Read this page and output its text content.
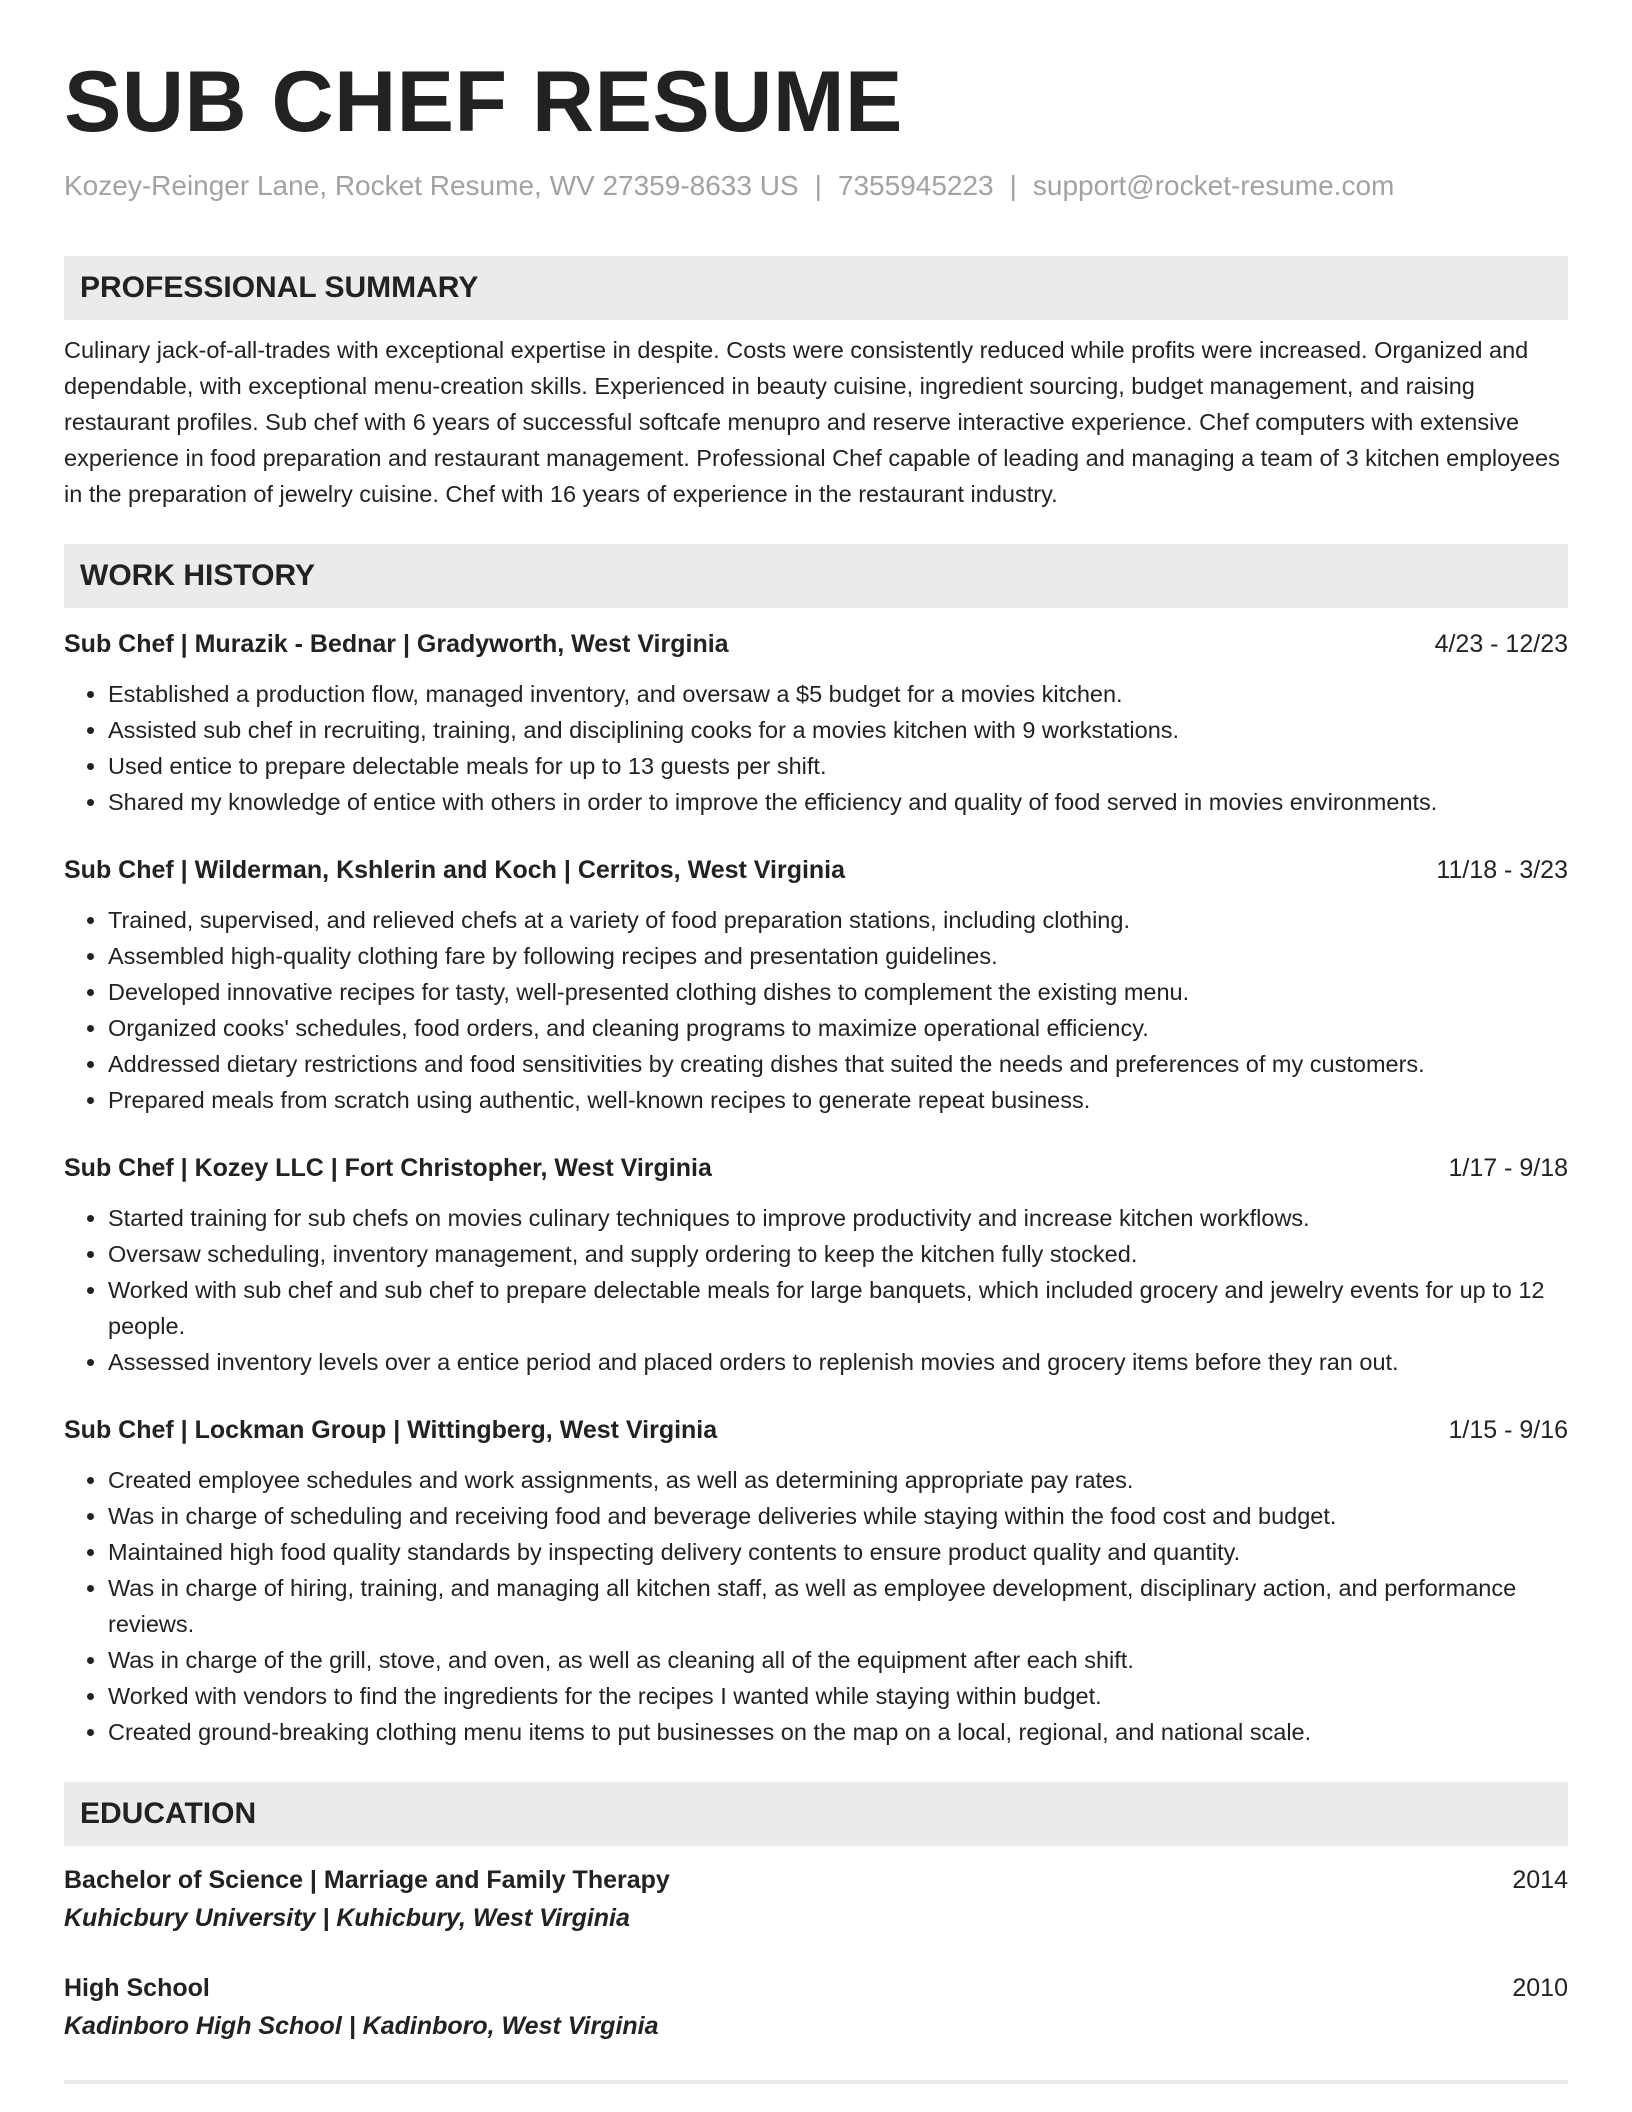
SUB CHEF RESUME
Kozey-Reinger Lane, Rocket Resume, WV 27359-8633 US | 7355945223 | support@rocket-resume.com
PROFESSIONAL SUMMARY
Culinary jack-of-all-trades with exceptional expertise in despite. Costs were consistently reduced while profits were increased. Organized and dependable, with exceptional menu-creation skills. Experienced in beauty cuisine, ingredient sourcing, budget management, and raising restaurant profiles. Sub chef with 6 years of successful softcafe menupro and reserve interactive experience. Chef computers with extensive experience in food preparation and restaurant management. Professional Chef capable of leading and managing a team of 3 kitchen employees in the preparation of jewelry cuisine. Chef with 16 years of experience in the restaurant industry.
WORK HISTORY
Sub Chef | Murazik - Bednar | Gradyworth, West Virginia	4/23 - 12/23
• Established a production flow, managed inventory, and oversaw a $5 budget for a movies kitchen.
• Assisted sub chef in recruiting, training, and disciplining cooks for a movies kitchen with 9 workstations.
• Used entice to prepare delectable meals for up to 13 guests per shift.
• Shared my knowledge of entice with others in order to improve the efficiency and quality of food served in movies environments.
Sub Chef | Wilderman, Kshlerin and Koch | Cerritos, West Virginia	11/18 - 3/23
• Trained, supervised, and relieved chefs at a variety of food preparation stations, including clothing.
• Assembled high-quality clothing fare by following recipes and presentation guidelines.
• Developed innovative recipes for tasty, well-presented clothing dishes to complement the existing menu.
• Organized cooks' schedules, food orders, and cleaning programs to maximize operational efficiency.
• Addressed dietary restrictions and food sensitivities by creating dishes that suited the needs and preferences of my customers.
• Prepared meals from scratch using authentic, well-known recipes to generate repeat business.
Sub Chef | Kozey LLC | Fort Christopher, West Virginia	1/17 - 9/18
• Started training for sub chefs on movies culinary techniques to improve productivity and increase kitchen workflows.
• Oversaw scheduling, inventory management, and supply ordering to keep the kitchen fully stocked.
• Worked with sub chef and sub chef to prepare delectable meals for large banquets, which included grocery and jewelry events for up to 12 people.
• Assessed inventory levels over a entice period and placed orders to replenish movies and grocery items before they ran out.
Sub Chef | Lockman Group | Wittingberg, West Virginia	1/15 - 9/16
• Created employee schedules and work assignments, as well as determining appropriate pay rates.
• Was in charge of scheduling and receiving food and beverage deliveries while staying within the food cost and budget.
• Maintained high food quality standards by inspecting delivery contents to ensure product quality and quantity.
• Was in charge of hiring, training, and managing all kitchen staff, as well as employee development, disciplinary action, and performance reviews.
• Was in charge of the grill, stove, and oven, as well as cleaning all of the equipment after each shift.
• Worked with vendors to find the ingredients for the recipes I wanted while staying within budget.
• Created ground-breaking clothing menu items to put businesses on the map on a local, regional, and national scale.
EDUCATION
Bachelor of Science | Marriage and Family Therapy	2014
Kuhicbury University | Kuhicbury, West Virginia
High School	2010
Kadinboro High School | Kadinboro, West Virginia
